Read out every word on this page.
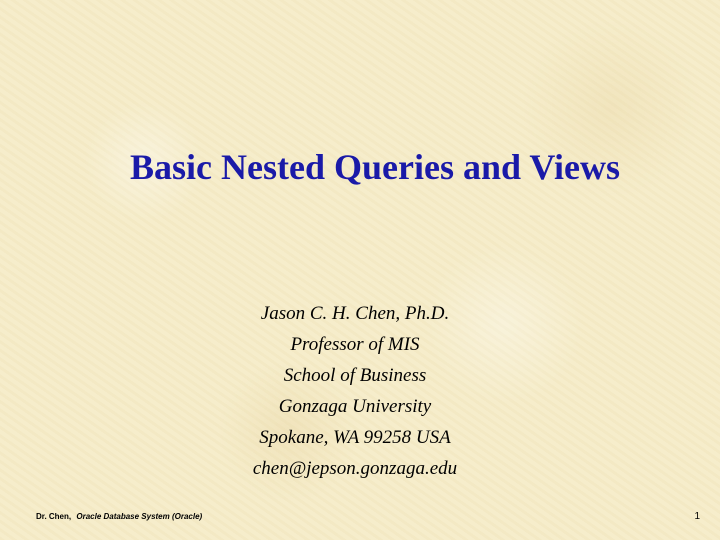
Basic Nested Queries and Views
Jason C. H. Chen, Ph.D.
Professor of MIS
School of Business
Gonzaga University
Spokane, WA 99258 USA
chen@jepson.gonzaga.edu
Dr. Chen, Oracle Database System (Oracle)	1
